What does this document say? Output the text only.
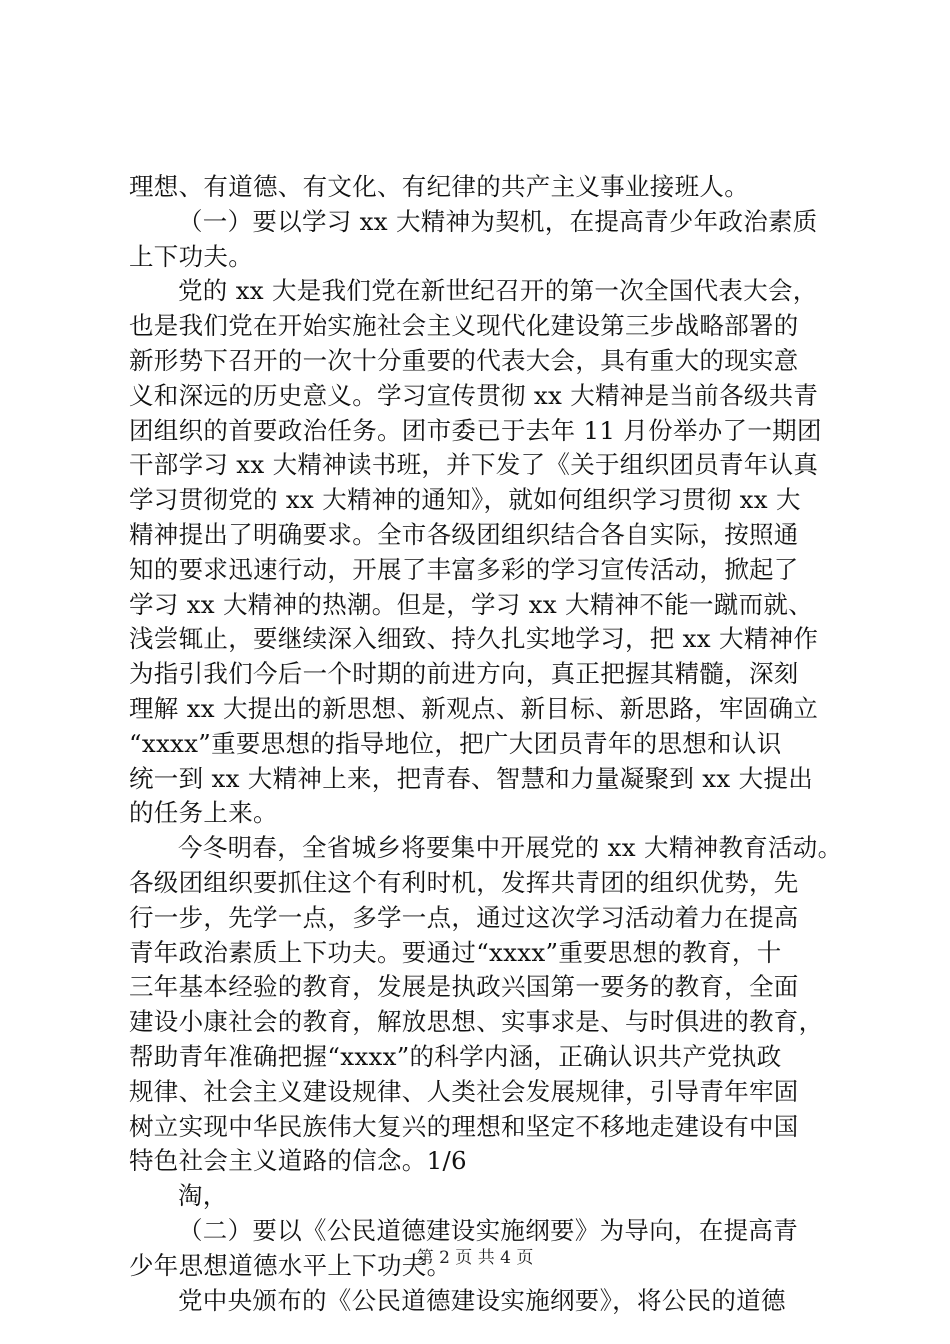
理想、有道德、有文化、有纪律的共产主义事业接班人。
（一）要以学习 xx 大精神为契机，在提高青少年政治素质
上下功夫。
党的 xx 大是我们党在新世纪召开的第一次全国代表大会，
也是我们党在开始实施社会主义现代化建设第三步战略部署的
新形势下召开的一次十分重要的代表大会，具有重大的现实意
义和深远的历史意义。学习宣传贯彻 xx 大精神是当前各级共青
团组织的首要政治任务。团市委已于去年 11 月份举办了一期团
干部学习 xx 大精神读书班，并下发了《关于组织团员青年认真
学习贯彻党的 xx 大精神的通知》，就如何组织学习贯彻 xx 大
精神提出了明确要求。全市各级团组织结合各自实际，按照通
知的要求迅速行动，开展了丰富多彩的学习宣传活动，掀起了
学习 xx 大精神的热潮。但是，学习 xx 大精神不能一蹴而就、
浅尝辄止，要继续深入细致、持久扎实地学习，把 xx 大精神作
为指引我们今后一个时期的前进方向，真正把握其精髓，深刻
理解 xx 大提出的新思想、新观点、新目标、新思路，牢固确立
“xxxx”重要思想的指导地位，把广大团员青年的思想和认识
统一到 xx 大精神上来，把青春、智慧和力量凝聚到 xx 大提出
的任务上来。
今冬明春，全省城乡将要集中开展党的 xx 大精神教育活动。
各级团组织要抓住这个有利时机，发挥共青团的组织优势，先
行一步，先学一点，多学一点，通过这次学习活动着力在提高
青年政治素质上下功夫。要通过“xxxx”重要思想的教育，十
三年基本经验的教育，发展是执政兴国第一要务的教育，全面
建设小康社会的教育，解放思想、实事求是、与时俱进的教育，
帮助青年准确把握“xxxx”的科学内涵，正确认识共产党执政
规律、社会主义建设规律、人类社会发展规律，引导青年牢固
树立实现中华民族伟大复兴的理想和坚定不移地走建设有中国
特色社会主义道路的信念。1/6
淘，
（二）要以《公民道德建设实施纲要》为导向，在提高青
少年思想道德水平上下功夫。
党中央颁布的《公民道德建设实施纲要》，将公民的道德
第 2 页 共 4 页
